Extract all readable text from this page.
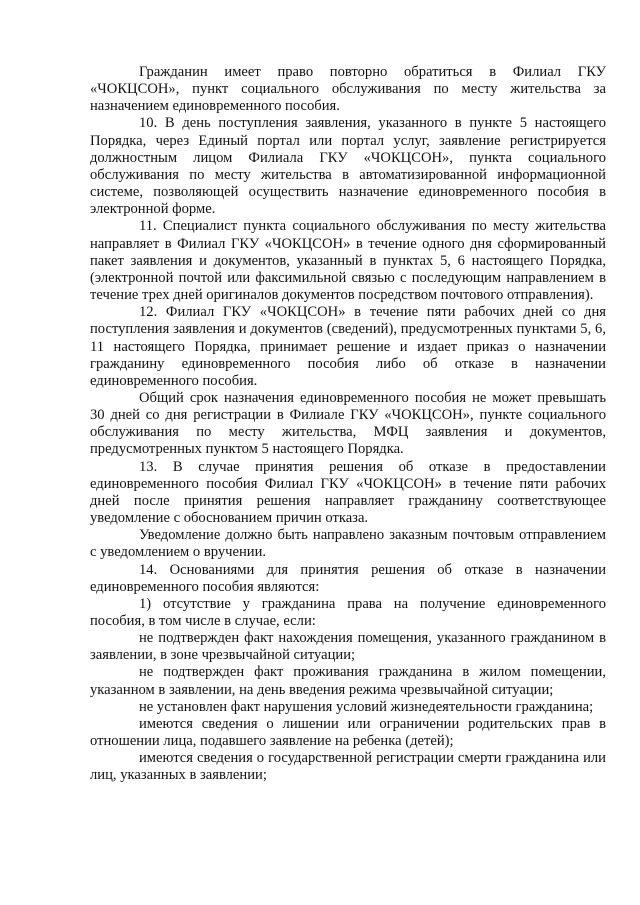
Гражданин имеет право повторно обратиться в Филиал ГКУ «ЧОКЦСОН», пункт социального обслуживания по месту жительства за назначением единовременного пособия.

10. В день поступления заявления, указанного в пункте 5 настоящего Порядка, через Единый портал или портал услуг, заявление регистрируется должностным лицом Филиала ГКУ «ЧОКЦСОН», пункта социального обслуживания по месту жительства в автоматизированной информационной системе, позволяющей осуществить назначение единовременного пособия в электронной форме.

11. Специалист пункта социального обслуживания по месту жительства направляет в Филиал ГКУ «ЧОКЦСОН» в течение одного дня сформированный пакет заявления и документов, указанный в пунктах 5, 6 настоящего Порядка, (электронной почтой или факсимильной связью с последующим направлением в течение трех дней оригиналов документов посредством почтового отправления).

12. Филиал ГКУ «ЧОКЦСОН» в течение пяти рабочих дней со дня поступления заявления и документов (сведений), предусмотренных пунктами 5, 6, 11 настоящего Порядка, принимает решение и издает приказ о назначении гражданину единовременного пособия либо об отказе в назначении единовременного пособия.

Общий срок назначения единовременного пособия не может превышать 30 дней со дня регистрации в Филиале ГКУ «ЧОКЦСОН», пункте социального обслуживания по месту жительства, МФЦ заявления и документов, предусмотренных пунктом 5 настоящего Порядка.

13. В случае принятия решения об отказе в предоставлении единовременного пособия Филиал ГКУ «ЧОКЦСОН» в течение пяти рабочих дней после принятия решения направляет гражданину соответствующее уведомление с обоснованием причин отказа.

Уведомление должно быть направлено заказным почтовым отправлением с уведомлением о вручении.

14. Основаниями для принятия решения об отказе в назначении единовременного пособия являются:

1) отсутствие у гражданина права на получение единовременного пособия, в том числе в случае, если:

не подтвержден факт нахождения помещения, указанного гражданином в заявлении, в зоне чрезвычайной ситуации;

не подтвержден факт проживания гражданина в жилом помещении, указанном в заявлении, на день введения режима чрезвычайной ситуации;

не установлен факт нарушения условий жизнедеятельности гражданина;

имеются сведения о лишении или ограничении родительских прав в отношении лица, подавшего заявление на ребенка (детей);

имеются сведения о государственной регистрации смерти гражданина или лиц, указанных в заявлении;
